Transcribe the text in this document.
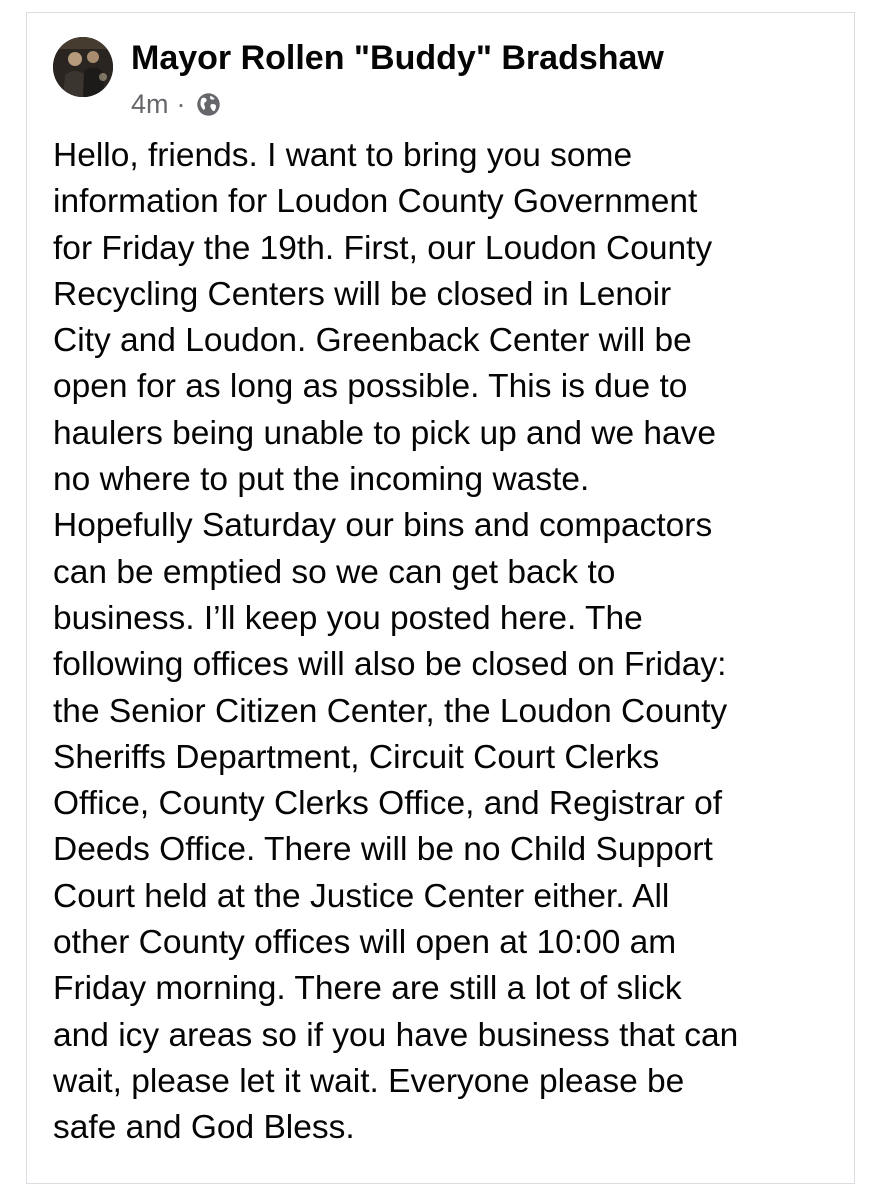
Mayor Rollen "Buddy" Bradshaw
4m ·
Hello, friends. I want to bring you some
information for Loudon County Government
for Friday the 19th. First, our Loudon County
Recycling Centers will be closed in Lenoir
City and Loudon. Greenback Center will be
open for as long as possible. This is due to
haulers being unable to pick up and we have
no where to put the incoming waste.
Hopefully Saturday our bins and compactors
can be emptied so we can get back to
business. I’ll keep you posted here. The
following offices will also be closed on Friday:
the Senior Citizen Center, the Loudon County
Sheriffs Department, Circuit Court Clerks
Office, County Clerks Office, and Registrar of
Deeds Office. There will be no Child Support
Court held at the Justice Center either. All
other County offices will open at 10:00 am
Friday morning. There are still a lot of slick
and icy areas so if you have business that can
wait, please let it wait. Everyone please be
safe and God Bless.
